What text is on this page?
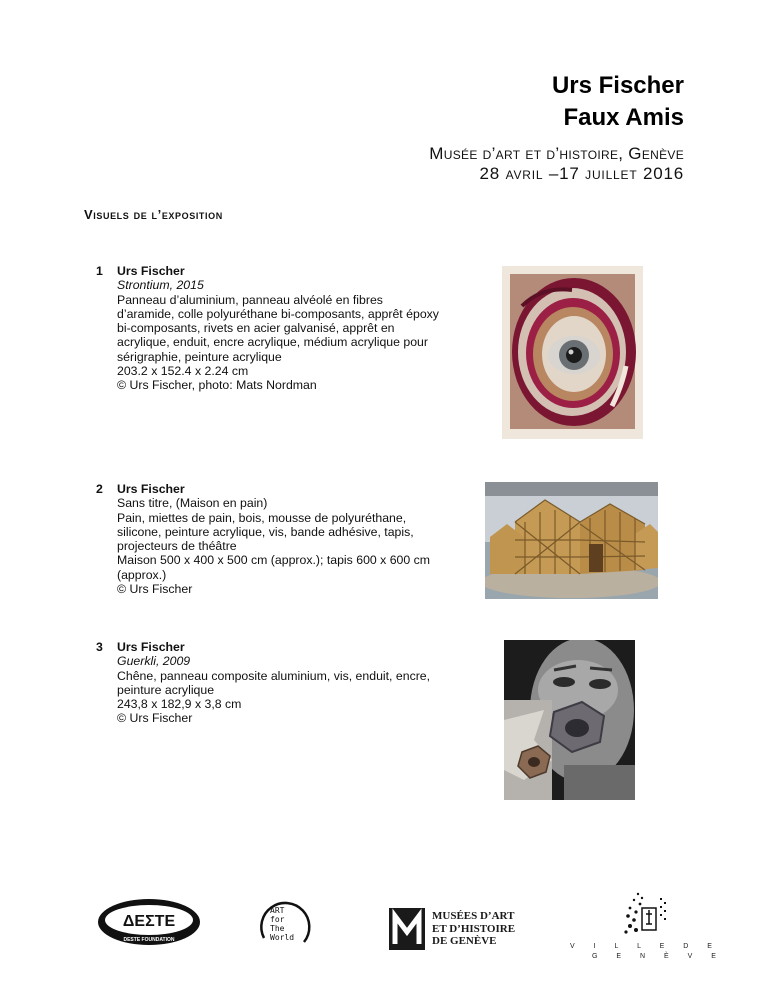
Urs Fischer
Faux Amis
Musée d’art et d’histoire, Genève
28 avril –17 juillet 2016
Visuels de l’exposition
1 Urs Fischer
Strontium, 2015
Panneau d’aluminium, panneau alvéolé en fibres
d’aramide, colle polyuréthane bi-composants, apprêt époxy
bi-composants, rivets en acier galvanisé, apprêt en
acrylique, enduit, encre acrylique, médium acrylique pour
sérigraphie, peinture acrylique
203.2 x 152.4 x 2.24 cm
© Urs Fischer, photo: Mats Nordman
2 Urs Fischer
Sans titre, (Maison en pain)
Pain, miettes de pain, bois, mousse de polyuréthane,
silicone, peinture acrylique, vis, bande adhésive, tapis,
projecteurs de théâtre
Maison 500 x 400 x 500 cm (approx.); tapis 600 x 600 cm
(approx.)
© Urs Fischer
3 Urs Fischer
Guerkli, 2009
Chêne, panneau composite aluminium, vis, enduit, encre,
peinture acrylique
243,8 x 182,9 x 3,8 cm
© Urs Fischer
ΔΕΣΤΕ
DESTE FOUNDATION
ART
for
The
World
MUSÉES D’ART
ET D’HISTOIRE
DE GENÈVE	V I L L E D E
G E N È V E
